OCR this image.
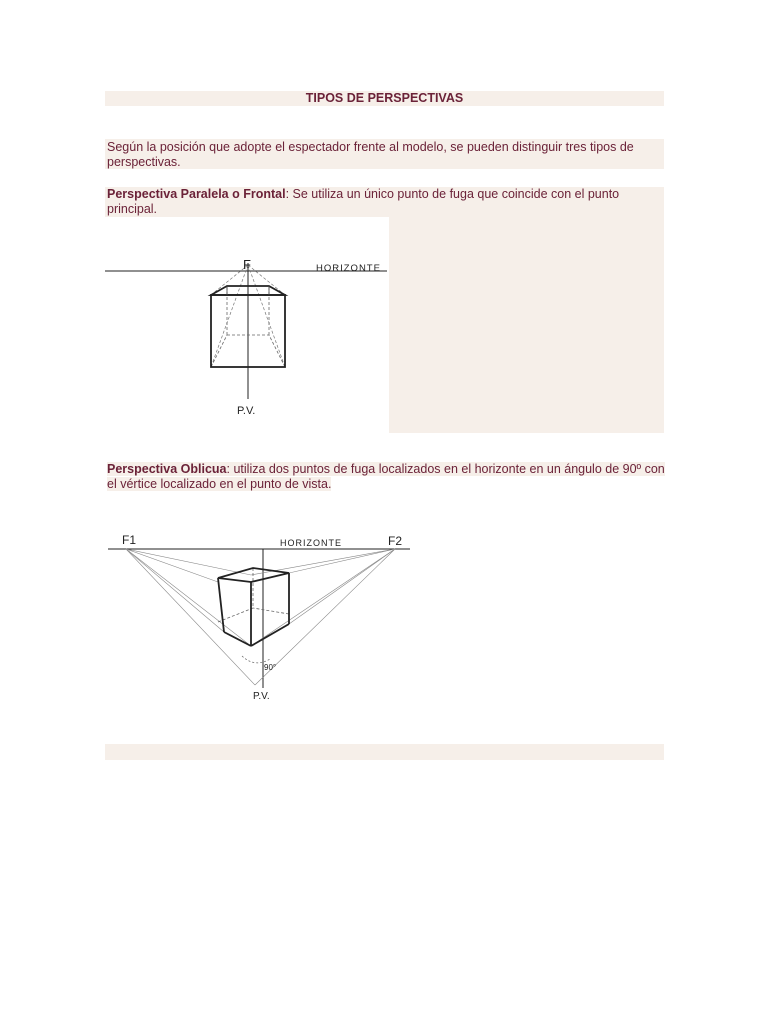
TIPOS DE PERSPECTIVAS
Según la posición que adopte el espectador frente al modelo, se pueden distinguir tres tipos de perspectivas.
Perspectiva Paralela o Frontal: Se utiliza un único punto de fuga que coincide con el punto principal.
F	HORIZONTE
P.V.
Perspectiva Oblicua: utiliza dos puntos de fuga localizados en el horizonte en un ángulo de 90º con el vértice localizado en el punto de vista.
F1	F2
HORIZONTE
90°
P.V.
